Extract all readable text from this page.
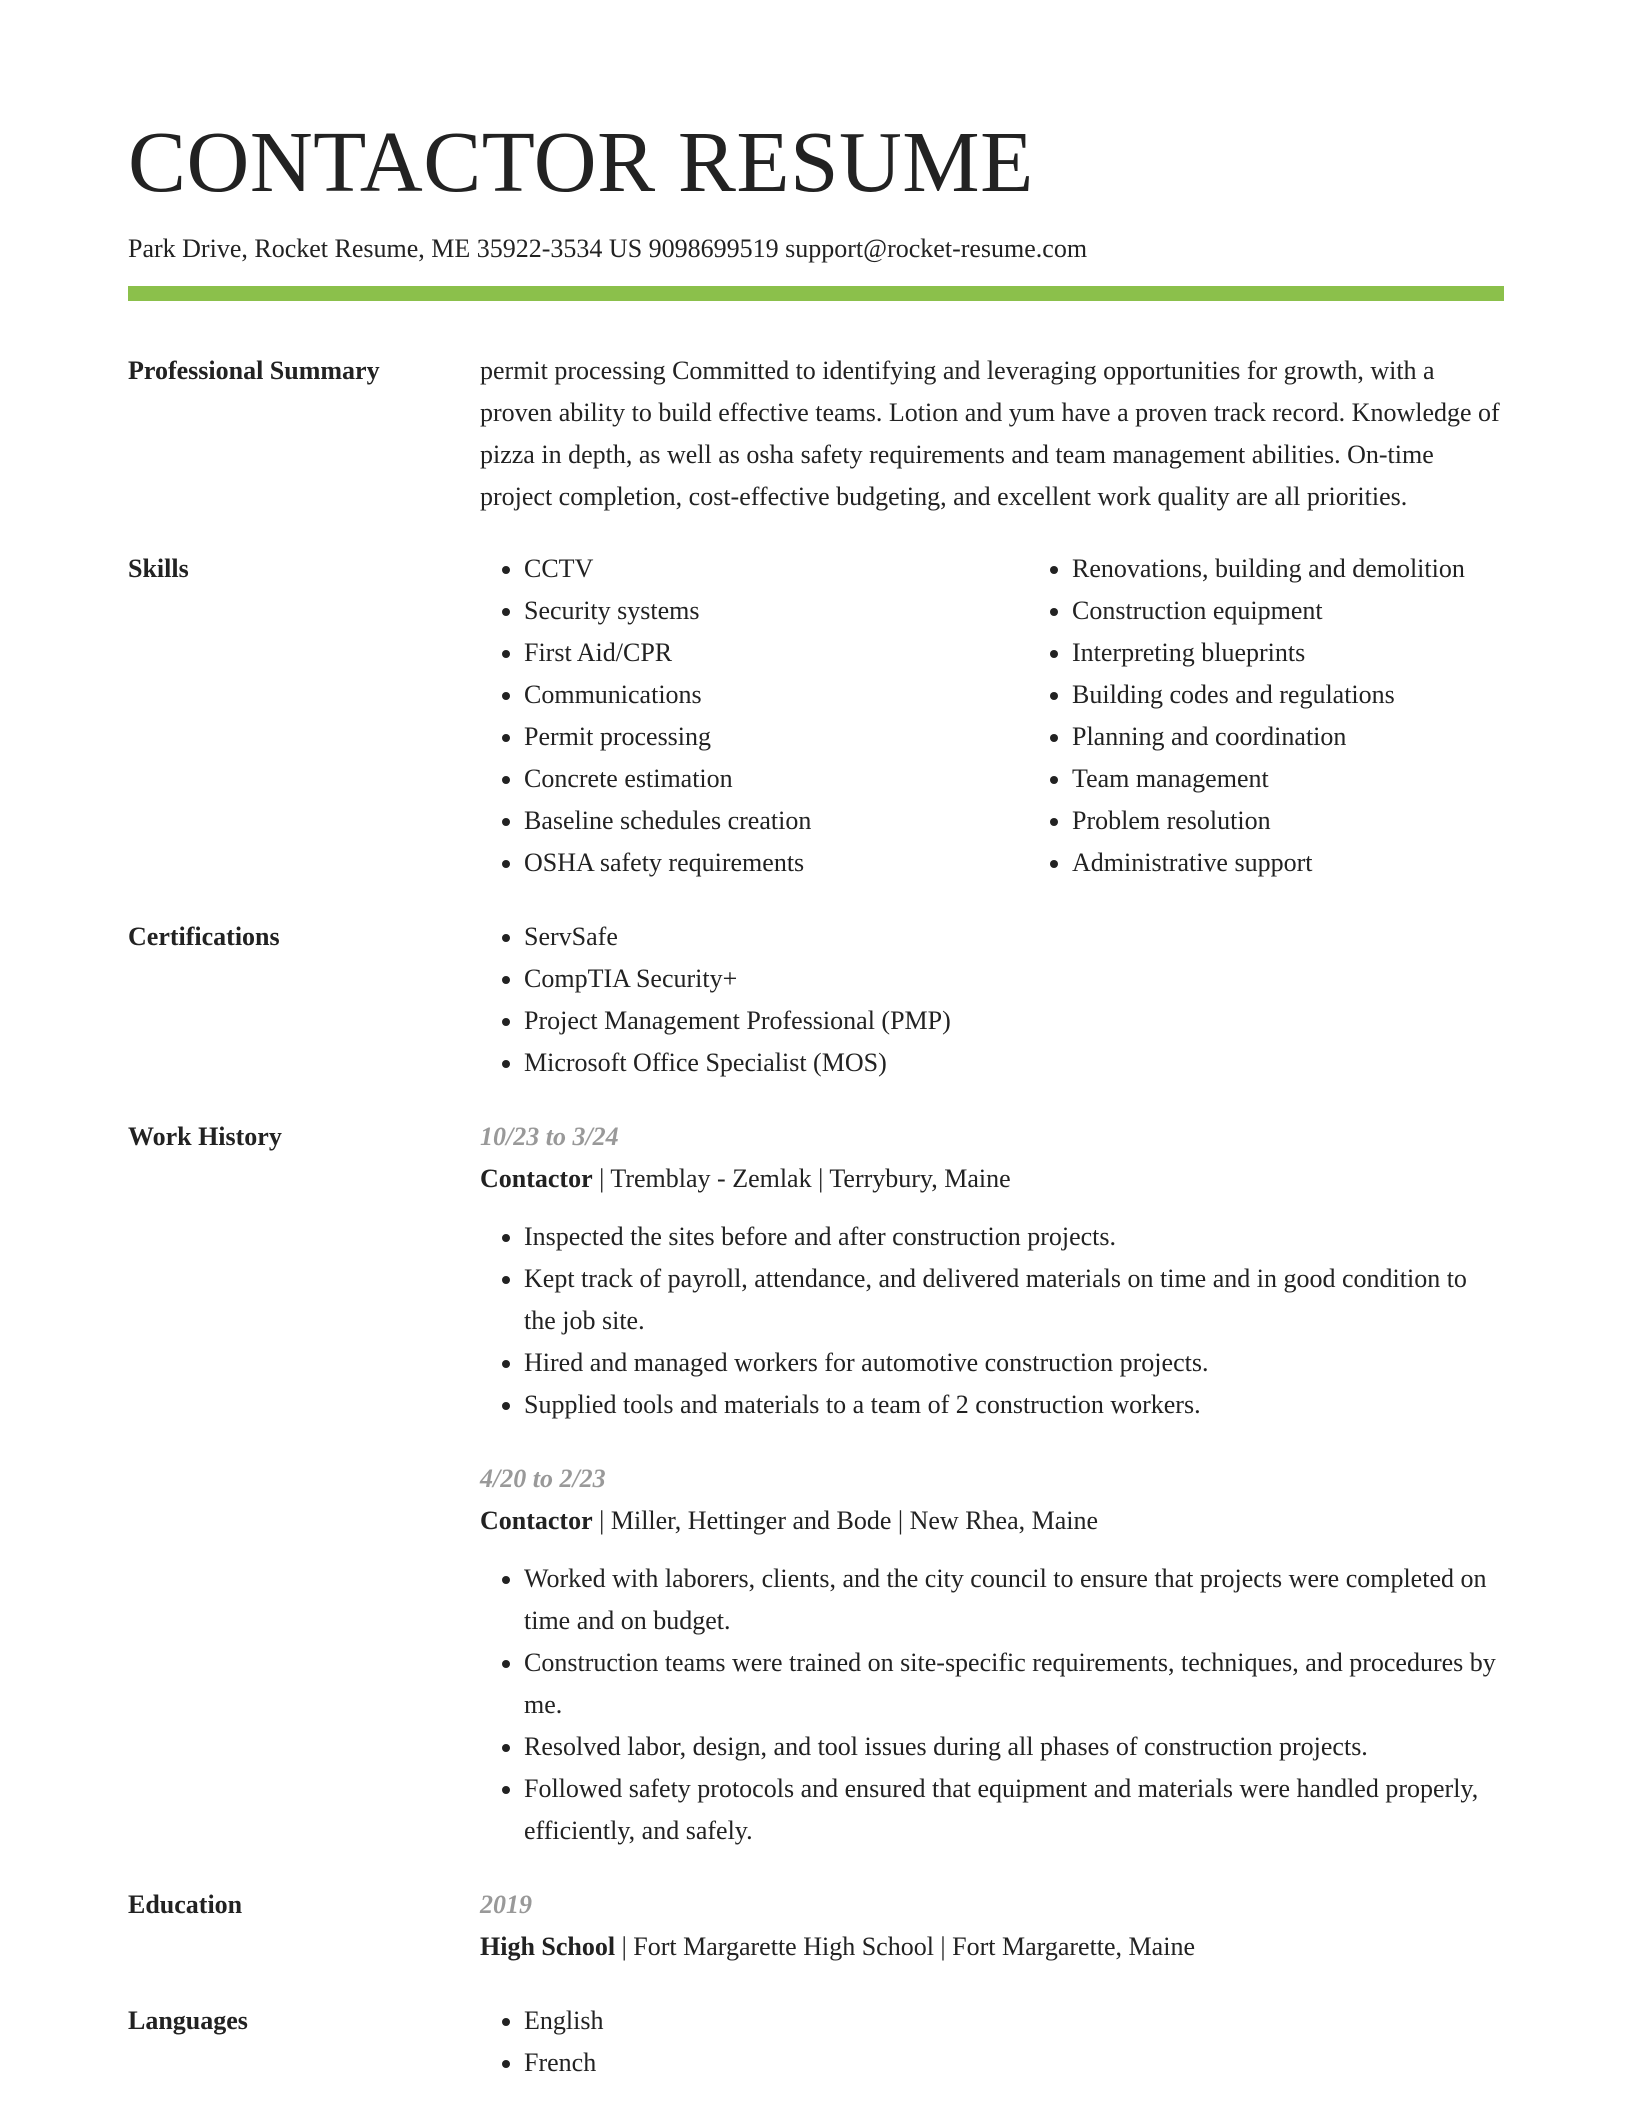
CONTACTOR RESUME
Park Drive, Rocket Resume, ME 35922-3534 US 9098699519 support@rocket-resume.com
Professional Summary	permit processing Committed to identifying and leveraging opportunities for growth, with a proven ability to build effective teams. Lotion and yum have a proven track record. Knowledge of pizza in depth, as well as osha safety requirements and team management abilities. On-time project completion, cost-effective budgeting, and excellent work quality are all priorities.

Skills	• CCTV
• Security systems
• First Aid/CPR
• Communications
• Permit processing
• Concrete estimation
• Baseline schedules creation
• OSHA safety requirements
• Renovations, building and demolition
• Construction equipment
• Interpreting blueprints
• Building codes and regulations
• Planning and coordination
• Team management
• Problem resolution
• Administrative support
Certifications	• ServSafe
• CompTIA Security+
• Project Management Professional (PMP)
• Microsoft Office Specialist (MOS)
Work History	10/23 to 3/24
Contactor | Tremblay - Zemlak | Terrybury, Maine
• Inspected the sites before and after construction projects.
• Kept track of payroll, attendance, and delivered materials on time and in good condition to the job site.
• Hired and managed workers for automotive construction projects.
• Supplied tools and materials to a team of 2 construction workers.
4/20 to 2/23
Contactor | Miller, Hettinger and Bode | New Rhea, Maine
• Worked with laborers, clients, and the city council to ensure that projects were completed on time and on budget.
• Construction teams were trained on site-specific requirements, techniques, and procedures by me.
• Resolved labor, design, and tool issues during all phases of construction projects.
• Followed safety protocols and ensured that equipment and materials were handled properly, efficiently, and safely.
Education	2019
High School | Fort Margarette High School | Fort Margarette, Maine
Languages	• English
• French
